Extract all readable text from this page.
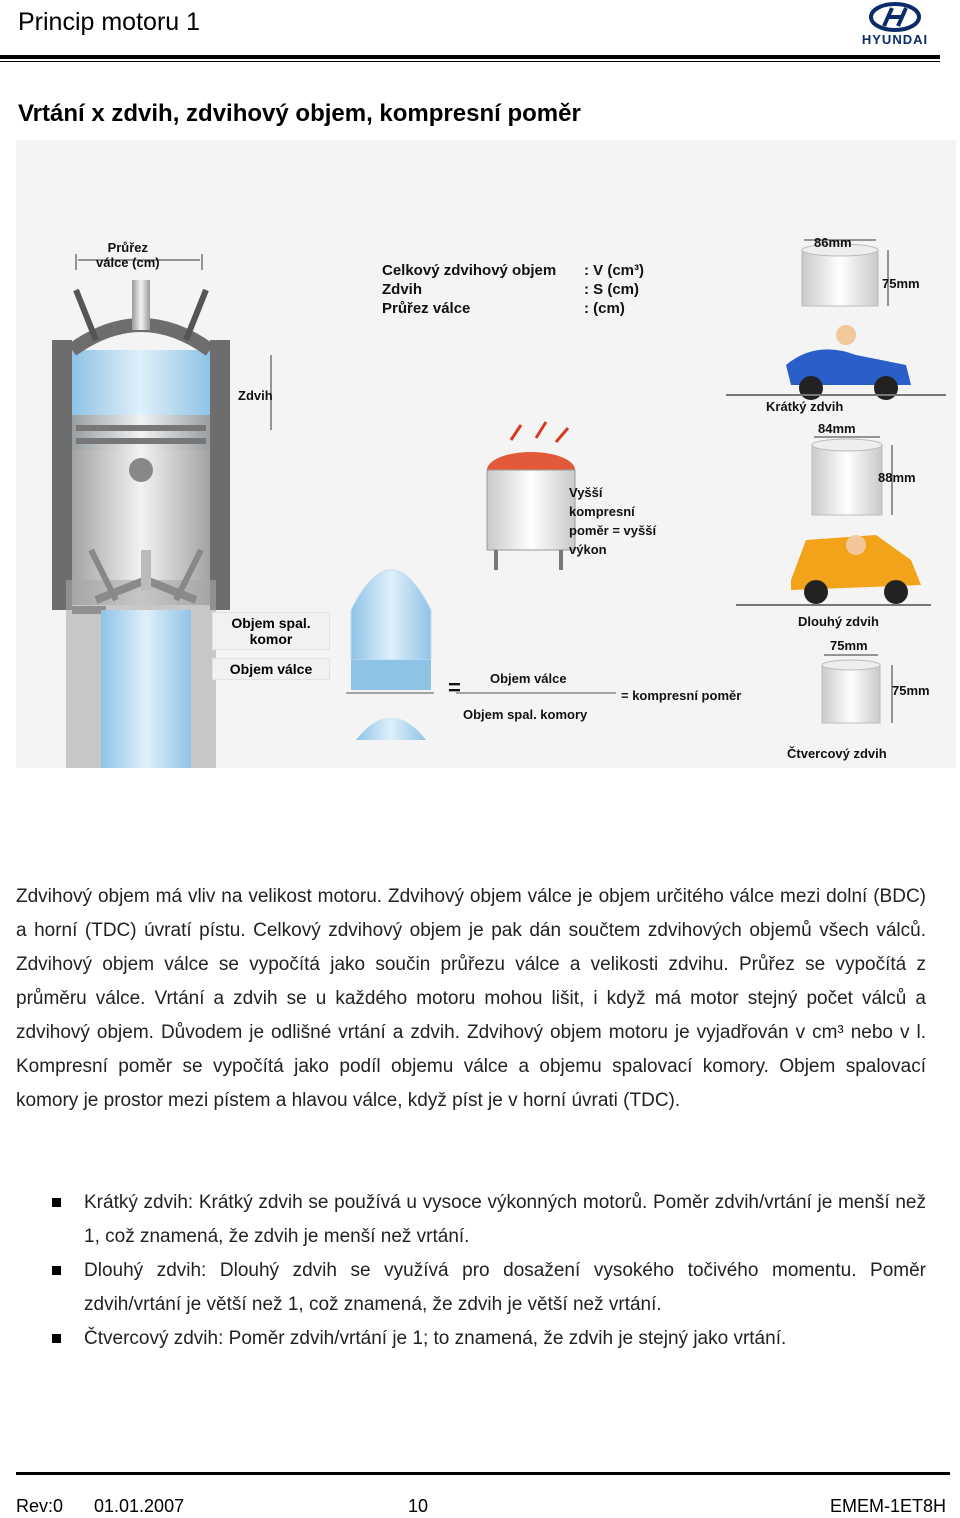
Princip motoru 1
HYUNDAI
Vrtání x zdvih, zdvihový objem, kompresní poměr
Průřez
válce (cm)	Celkový zdvihový objem : V (cm³)
Zdvih	: S (cm)
Průřez válce	: (cm)
Zdvih
Vyšší
kompresní
poměr = vyšší
výkon
Objem spal.
komor
Objem válce
= Objem válce
Objem spal. komory
= kompresní poměr
86mm
75mm
Krátký zdvih
84mm
88mm
Dlouhý zdvih
75mm
75mm
Čtvercový zdvih
Zdvihový objem má vliv na velikost motoru. Zdvihový objem válce je objem určitého válce mezi dolní (BDC) a horní (TDC) úvratí pístu. Celkový zdvihový objem je pak dán součtem zdvihových objemů všech válců. Zdvihový objem válce se vypočítá jako součin průřezu válce a velikosti zdvihu. Průřez se vypočítá z průměru válce. Vrtání a zdvih se u každého motoru mohou lišit, i když má motor stejný počet válců a zdvihový objem. Důvodem je odlišné vrtání a zdvih. Zdvihový objem motoru je vyjadřován v cm³ nebo v l. Kompresní poměr se vypočítá jako podíl objemu válce a objemu spalovací komory. Objem spalovací komory je prostor mezi pístem a hlavou válce, když píst je v horní úvrati (TDC).
Krátký zdvih: Krátký zdvih se používá u vysoce výkonných motorů. Poměr zdvih/vrtání je menší než 1, což znamená, že zdvih je menší než vrtání.
Dlouhý zdvih: Dlouhý zdvih se využívá pro dosažení vysokého točivého momentu. Poměr zdvih/vrtání je větší než 1, což znamená, že zdvih je větší než vrtání.
Čtvercový zdvih: Poměr zdvih/vrtání je 1; to znamená, že zdvih je stejný jako vrtání.
Rev:0 01.01.2007	10	EMEM-1ET8H
